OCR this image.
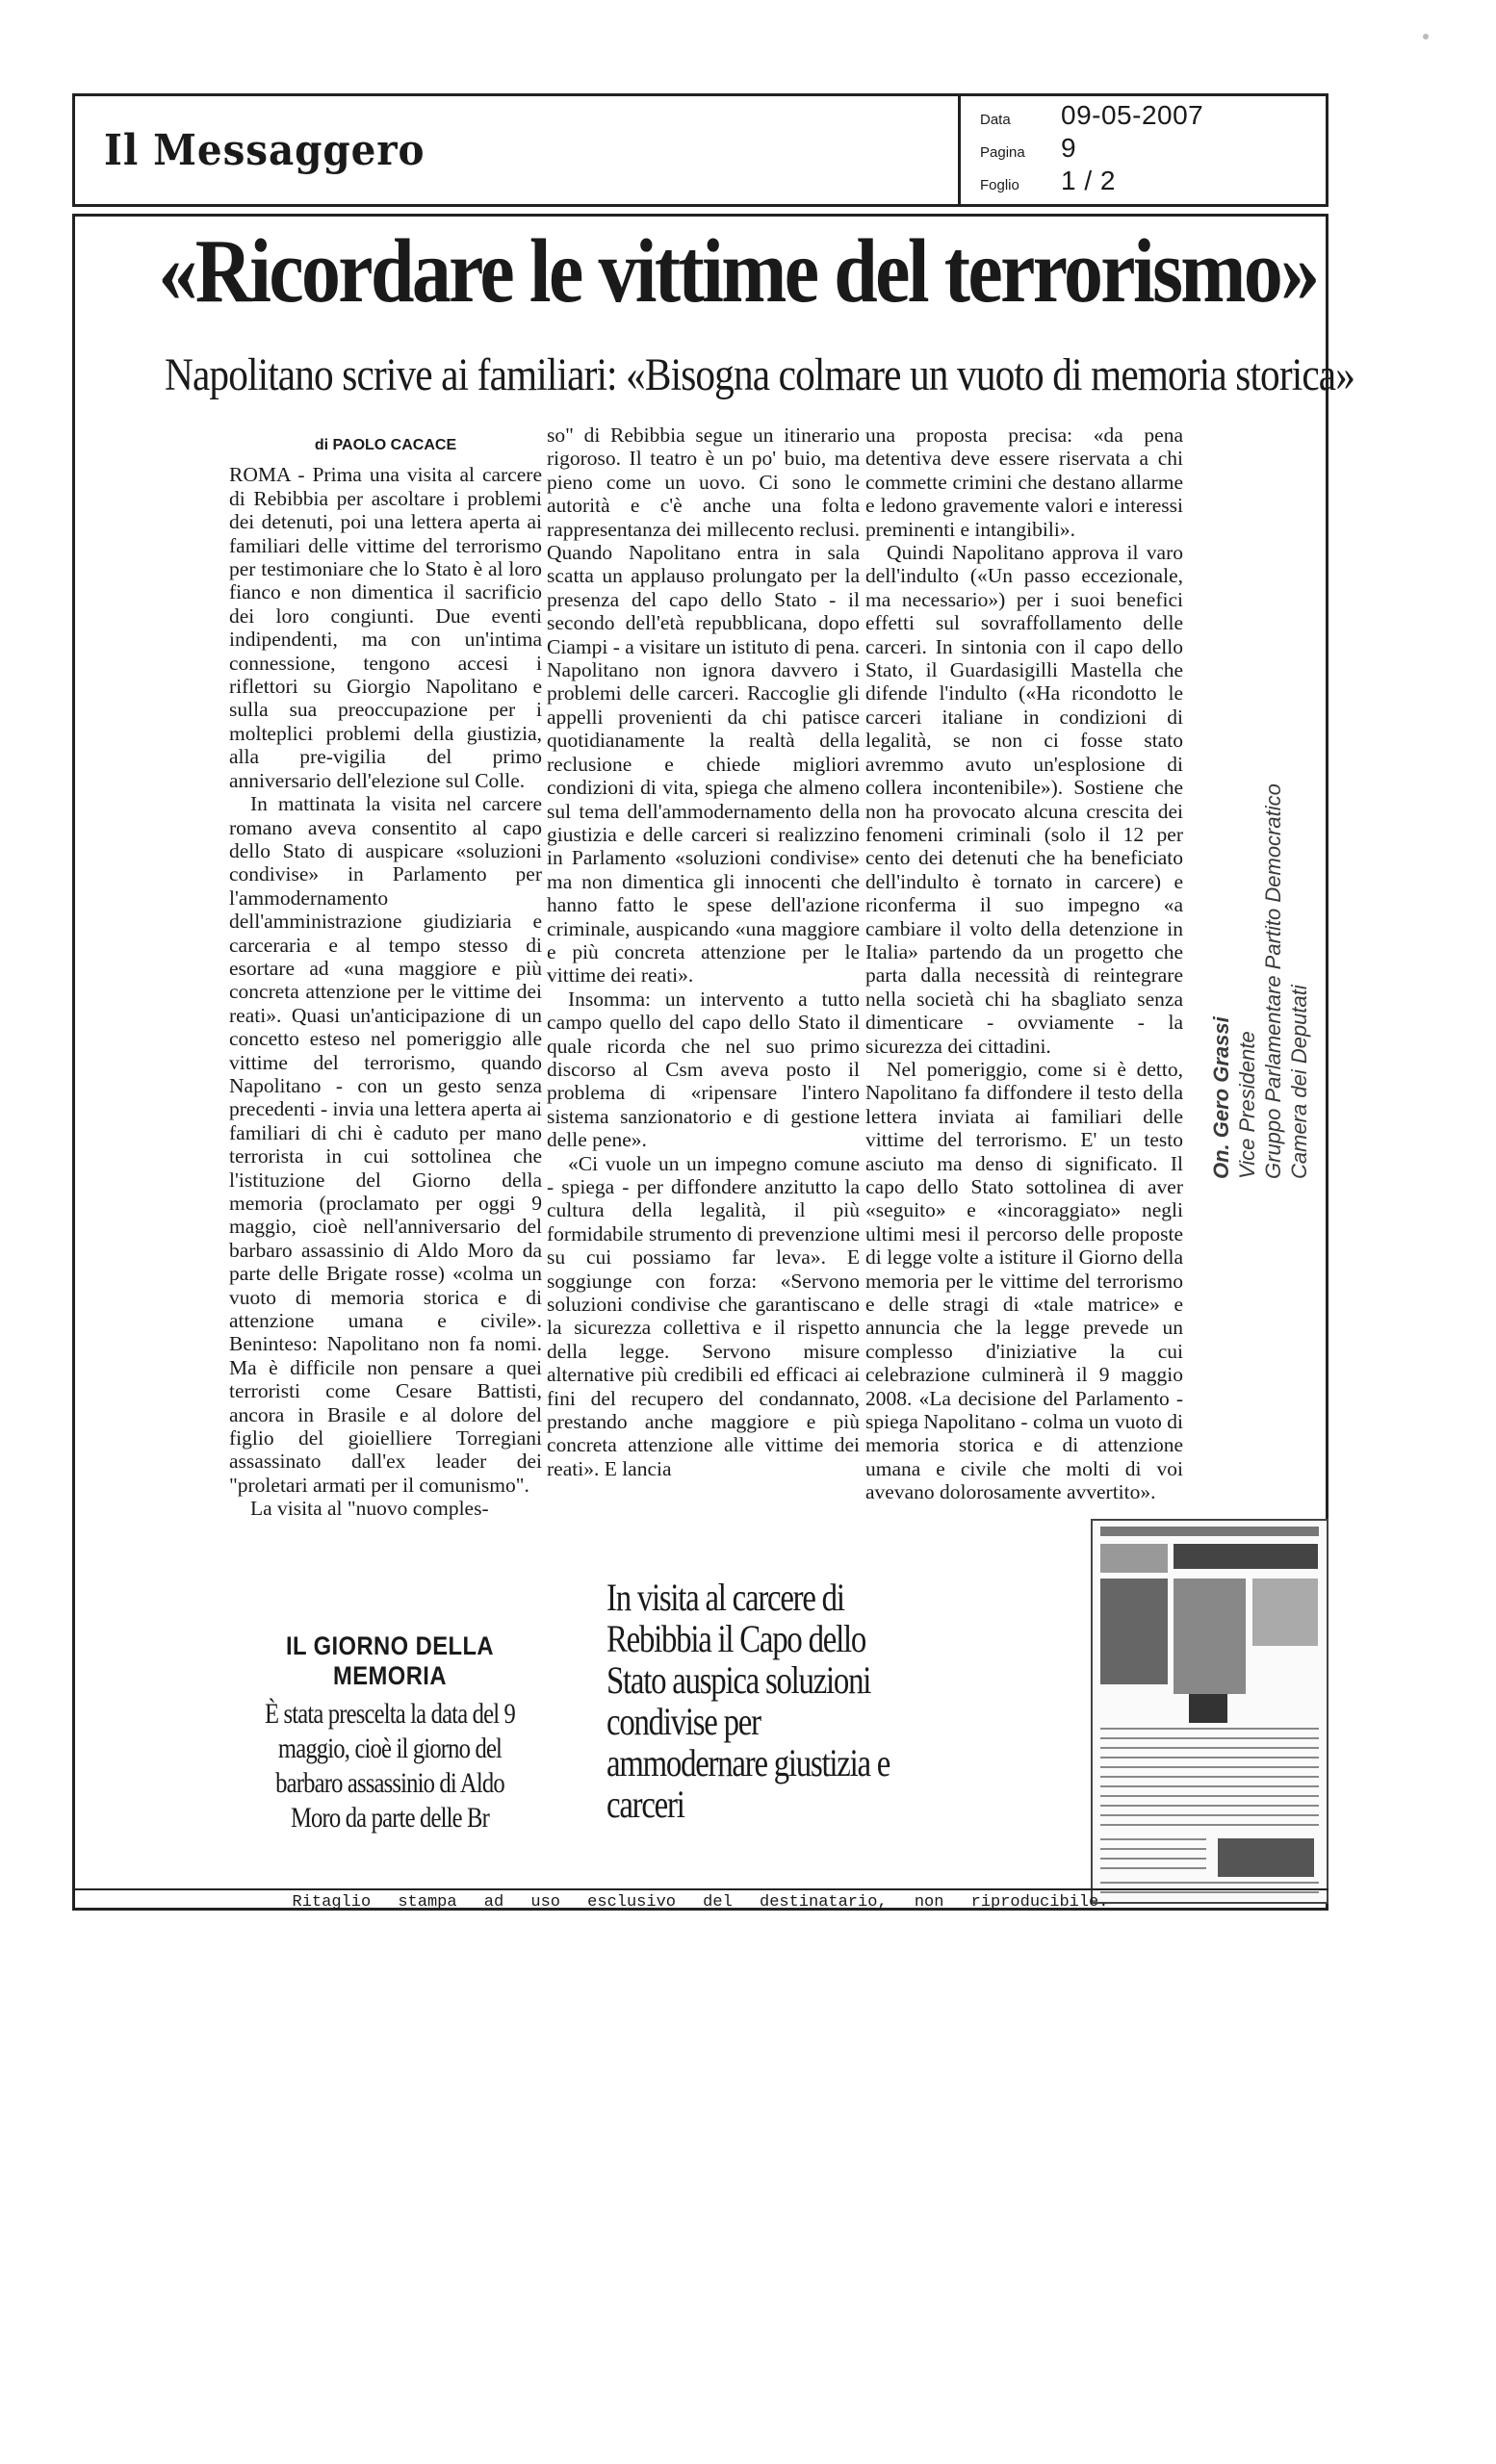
Il Messaggero
Data	09-05-2007
Pagina	9
Foglio	1 / 2
«Ricordare le vittime del terrorismo»
Napolitano scrive ai familiari: «Bisogna colmare un vuoto di memoria storica»
di PAOLO CACACE

ROMA - Prima una visita al carcere di Rebibbia per ascoltare i problemi dei detenuti, poi una lettera aperta ai familiari delle vittime del terrorismo per testimoniare che lo Stato è al loro fianco e non dimentica il sacrificio dei loro congiunti. Due eventi indipendenti, ma con un'intima connessione, tengono accesi i riflettori su Giorgio Napolitano e sulla sua preoccupazione per i molteplici problemi della giustizia, alla pre-vigilia del primo anniversario dell'elezione sul Colle.

In mattinata la visita nel carcere romano aveva consentito al capo dello Stato di auspicare «soluzioni condivise» in Parlamento per l'ammodernamento dell'amministrazione giudiziaria e carceraria e al tempo stesso di esortare ad «una maggiore e più concreta attenzione per le vittime dei reati». Quasi un'anticipazione di un concetto esteso nel pomeriggio alle vittime del terrorismo, quando Napolitano - con un gesto senza precedenti - invia una lettera aperta ai familiari di chi è caduto per mano terrorista in cui sottolinea che l'istituzione del Giorno della memoria (proclamato per oggi 9 maggio, cioè nell'anniversario del barbaro assassinio di Aldo Moro da parte delle Brigate rosse) «colma un vuoto di memoria storica e di attenzione umana e civile». Beninteso: Napolitano non fa nomi. Ma è difficile non pensare a quei terroristi come Cesare Battisti, ancora in Brasile e al dolore del figlio del gioielliere Torregiani assassinato dall'ex leader dei "proletari armati per il comunismo".

La visita al "nuovo comples-

so" di Rebibbia segue un itinerario rigoroso. Il teatro è un po' buio, ma pieno come un uovo. Ci sono le autorità e c'è anche una folta rappresentanza dei millecento reclusi. Quando Napolitano entra in sala scatta un applauso prolungato per la presenza del capo dello Stato - il secondo dell'età repubblicana, dopo Ciampi - a visitare un istituto di pena. Napolitano non ignora davvero i problemi delle carceri. Raccoglie gli appelli provenienti da chi patisce quotidianamente la realtà della reclusione e chiede migliori condizioni di vita, spiega che almeno sul tema dell'ammodernamento della giustizia e delle carceri si realizzino in Parlamento «soluzioni condivise» ma non dimentica gli innocenti che hanno fatto le spese dell'azione criminale, auspicando «una maggiore e più concreta attenzione per le vittime dei reati».

Insomma: un intervento a tutto campo quello del capo dello Stato il quale ricorda che nel suo primo discorso al Csm aveva posto il problema di «ripensare l'intero sistema sanzionatorio e di gestione delle pene».

«Ci vuole un un impegno comune - spiega - per diffondere anzitutto la cultura della legalità, il più formidabile strumento di prevenzione su cui possiamo far leva». E soggiunge con forza: «Servono soluzioni condivise che garantiscano la sicurezza collettiva e il rispetto della legge. Servono misure alternative più credibili ed efficaci ai fini del recupero del condannato, prestando anche maggiore e più concreta attenzione alle vittime dei reati». E lancia

una proposta precisa: «da pena detentiva deve essere riservata a chi commette crimini che destano allarme e ledono gravemente valori e interessi preminenti e intangibili».

Quindi Napolitano approva il varo dell'indulto («Un passo eccezionale, ma necessario») per i suoi benefici effetti sul sovraffollamento delle carceri. In sintonia con il capo dello Stato, il Guardasigilli Mastella che difende l'indulto («Ha ricondotto le carceri italiane in condizioni di legalità, se non ci fosse stato avremmo avuto un'esplosione di collera incontenibile»). Sostiene che non ha provocato alcuna crescita dei fenomeni criminali (solo il 12 per cento dei detenuti che ha beneficiato dell'indulto è tornato in carcere) e riconferma il suo impegno «a cambiare il volto della detenzione in Italia» partendo da un progetto che parta dalla necessità di reintegrare nella società chi ha sbagliato senza dimenticare - ovviamente - la sicurezza dei cittadini.

Nel pomeriggio, come si è detto, Napolitano fa diffondere il testo della lettera inviata ai familiari delle vittime del terrorismo. E' un testo asciuto ma denso di significato. Il capo dello Stato sottolinea di aver «seguito» e «incoraggiato» negli ultimi mesi il percorso delle proposte di legge volte a istiture il Giorno della memoria per le vittime del terrorismo e delle stragi di «tale matrice» e annuncia che la legge prevede un complesso d'iniziative la cui celebrazione culminerà il 9 maggio 2008. «La decisione del Parlamento - spiega Napolitano - colma un vuoto di memoria storica e di attenzione umana e civile che molti di voi avevano dolorosamente avvertito».

IL GIORNO DELLA MEMORIA
È stata prescelta la data del 9 maggio, cioè il giorno del barbaro assassinio di Aldo Moro da parte delle Br
In visita al carcere di Rebibbia il Capo dello Stato auspica soluzioni condivise per ammodernare giustizia e carceri
On. Gero Grassi Vice Presidente Gruppo Parlamentare Partito Democratico Camera dei Deputati
Ritaglio stampa ad uso esclusivo del destinatario, non riproducibile.
